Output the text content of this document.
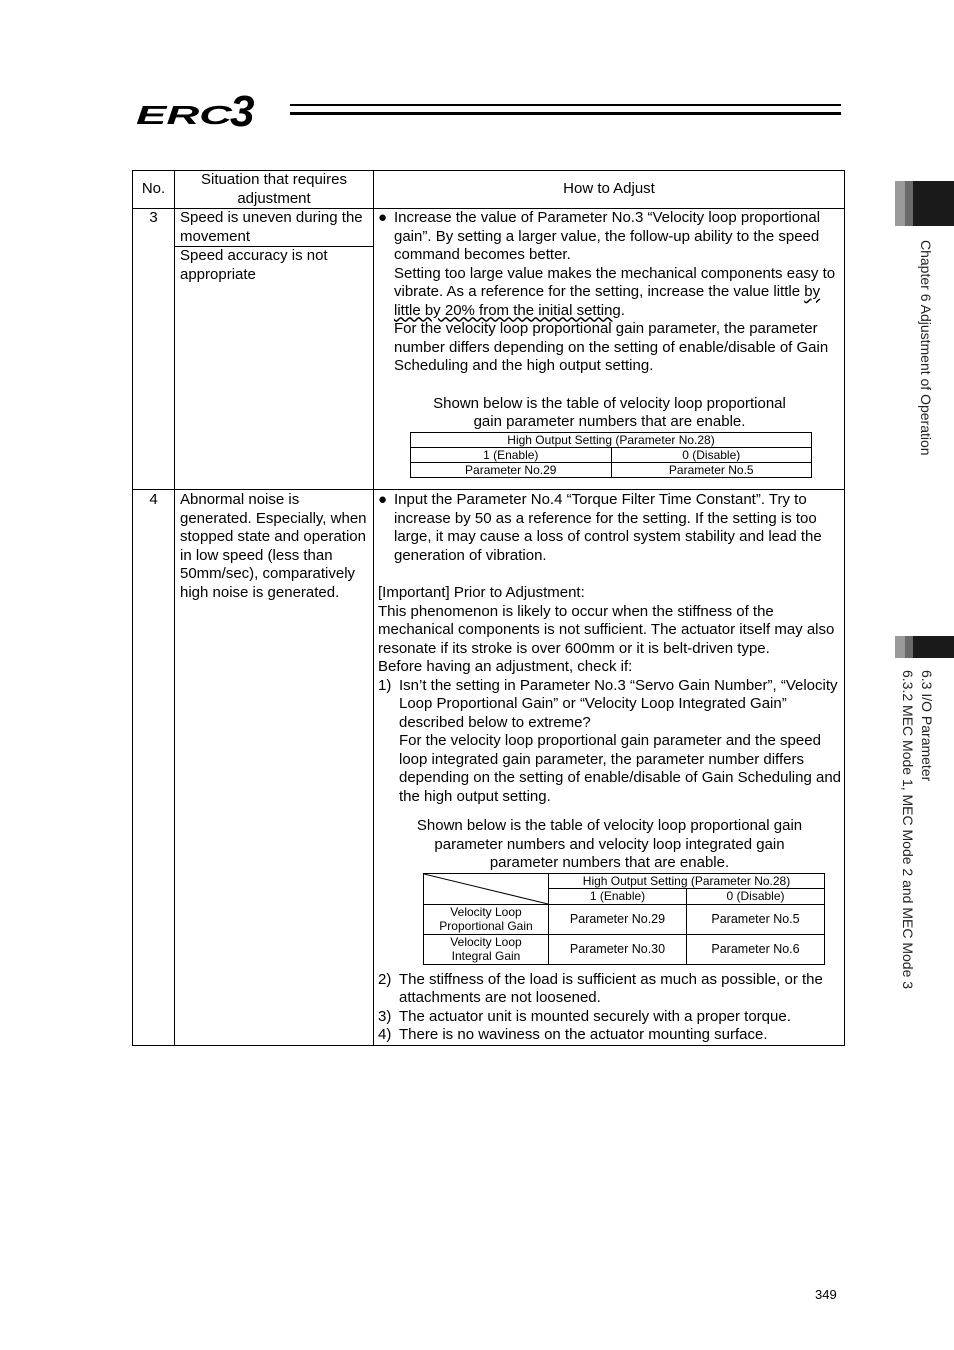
ERC
3
Chapter 6 Adjustment of Operation
6.3 I/O Parameter
6.3.2 MEC Mode 1, MEC Mode 2 and MEC Mode 3
No.	Situation that requires adjustment	How to Adjust
3	Speed is uneven during the movement
Speed accuracy is not appropriate

● Increase the value of Parameter No.3 “Velocity loop proportional gain”. By setting a larger value, the follow-up ability to the speed command becomes better.
Setting too large value makes the mechanical components easy to vibrate. As a reference for the setting, increase the value little by little by 20% from the initial setting.
For the velocity loop proportional gain parameter, the parameter number differs depending on the setting of enable/disable of Gain Scheduling and the high output setting.
Shown below is the table of velocity loop proportional gain parameter numbers that are enable.
High Output Setting (Parameter No.28)
1 (Enable)	0 (Disable)
Parameter No.29	Parameter No.5

4	Abnormal noise is generated. Especially, when stopped state and operation in low speed (less than 50mm/sec), comparatively high noise is generated.

● Input the Parameter No.4 “Torque Filter Time Constant”. Try to increase by 50 as a reference for the setting. If the setting is too large, it may cause a loss of control system stability and lead the generation of vibration.
[Important] Prior to Adjustment:
This phenomenon is likely to occur when the stiffness of the mechanical components is not sufficient. The actuator itself may also resonate if its stroke is over 600mm or it is belt-driven type.
Before having an adjustment, check if:
1) Isn’t the setting in Parameter No.3 “Servo Gain Number”, “Velocity Loop Proportional Gain” or “Velocity Loop Integrated Gain” described below to extreme?
For the velocity loop proportional gain parameter and the speed loop integrated gain parameter, the parameter number differs depending on the setting of enable/disable of Gain Scheduling and the high output setting.
Shown below is the table of velocity loop proportional gain parameter numbers and velocity loop integrated gain parameter numbers that are enable.
	High Output Setting (Parameter No.28)
1 (Enable)	0 (Disable)
Velocity Loop Proportional Gain	Parameter No.29	Parameter No.5
Velocity Loop Integral Gain	Parameter No.30	Parameter No.6
2) The stiffness of the load is sufficient as much as possible, or the attachments are not loosened.
3) The actuator unit is mounted securely with a proper torque.
4) There is no waviness on the actuator mounting surface.
349
